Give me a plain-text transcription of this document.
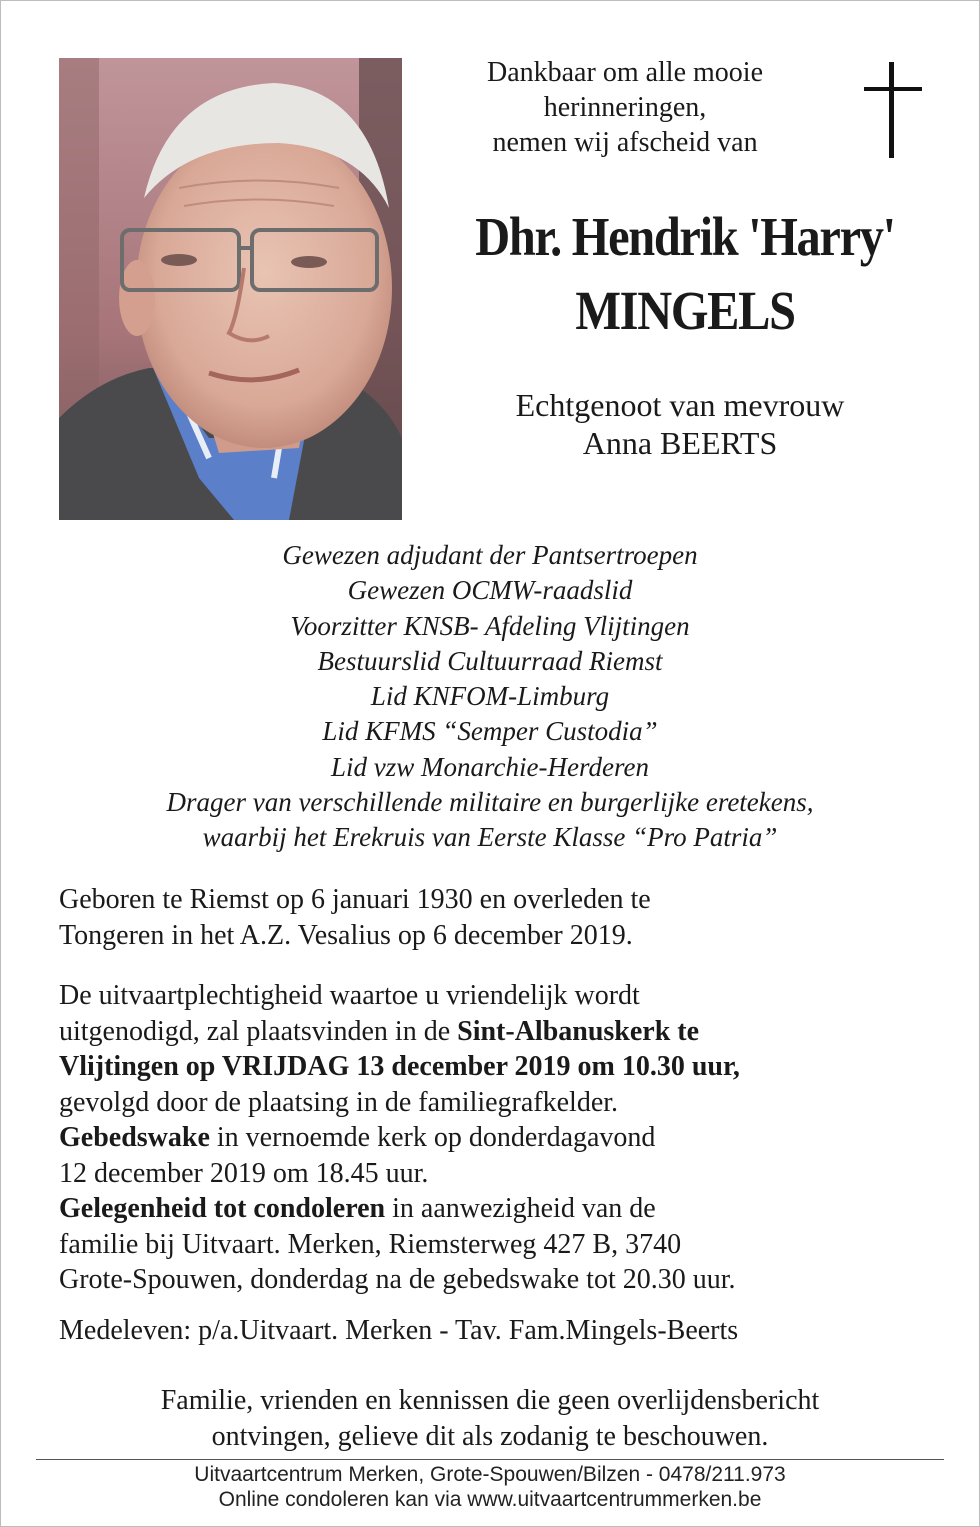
Dankbaar om alle mooie
herinneringen,
nemen wij afscheid van
Dhr. Hendrik 'Harry'
MINGELS
Echtgenoot van mevrouw
Anna BEERTS
Gewezen adjudant der Pantsertroepen
Gewezen OCMW-raadslid
Voorzitter KNSB- Afdeling Vlijtingen
Bestuurslid Cultuurraad Riemst
Lid KNFOM-Limburg
Lid KFMS “Semper Custodia”
Lid vzw Monarchie-Herderen
Drager van verschillende militaire en burgerlijke eretekens,
waarbij het Erekruis van Eerste Klasse “Pro Patria”
Geboren te Riemst op 6 januari 1930 en overleden te
Tongeren in het A.Z. Vesalius op 6 december 2019.
De uitvaartplechtigheid waartoe u vriendelijk wordt
uitgenodigd, zal plaatsvinden in de Sint-Albanuskerk te
Vlijtingen op VRIJDAG 13 december 2019 om 10.30 uur,
gevolgd door de plaatsing in de familiegrafkelder.
Gebedswake in vernoemde kerk op donderdagavond
12 december 2019 om 18.45 uur.
Gelegenheid tot condoleren in aanwezigheid van de
familie bij Uitvaart. Merken, Riemsterweg 427 B, 3740
Grote-Spouwen, donderdag na de gebedswake tot 20.30 uur.
Medeleven: p/a.Uitvaart. Merken - Tav. Fam.Mingels-Beerts
Familie, vrienden en kennissen die geen overlijdensbericht
ontvingen, gelieve dit als zodanig te beschouwen.
Uitvaartcentrum Merken, Grote-Spouwen/Bilzen - 0478/211.973
Online condoleren kan via www.uitvaartcentrummerken.be
